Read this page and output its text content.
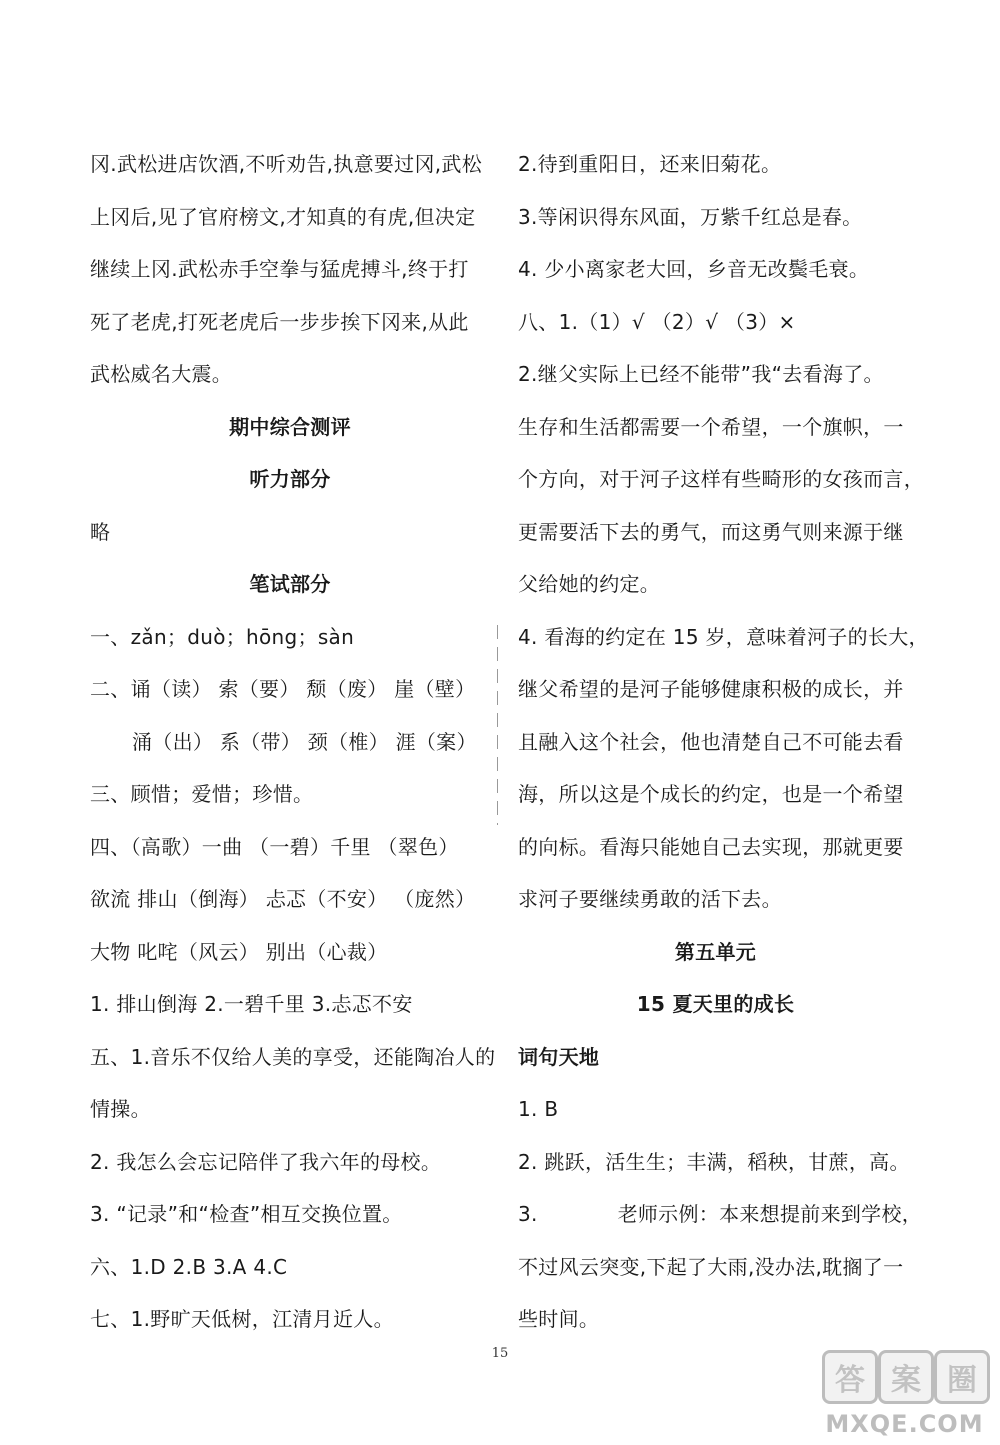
冈.武松进店饮酒,不听劝告,执意要过冈,武松
上冈后,见了官府榜文,才知真的有虎,但决定
继续上冈.武松赤手空拳与猛虎搏斗,终于打
死了老虎,打死老虎后一步步挨下冈来,从此
武松威名大震。
期中综合测评
听力部分
略
笔试部分
一、zǎn；duò；hōng；sàn
二、诵（读） 索（要） 颓（废） 崖（壁）
涌（出） 系（带） 颈（椎） 涯（案）
三、顾惜；爱惜；珍惜。
四、（高歌）一曲 （一碧）千里 （翠色）
欲流 排山（倒海） 忐忑（不安） （庞然）
大物 叱咤（风云） 别出（心裁）
1. 排山倒海 2.一碧千里 3.忐忑不安
五、1.音乐不仅给人美的享受，还能陶冶人的
情操。
2. 我怎么会忘记陪伴了我六年的母校。
3. “记录”和“检查”相互交换位置。
六、1.D 2.B 3.A 4.C
七、1.野旷天低树，江清月近人。
2.待到重阳日，还来旧菊花。
3.等闲识得东风面，万紫千红总是春。
4. 少小离家老大回，乡音无改鬓毛衰。
八、1.（1）√ （2）√ （3）×
2.继父实际上已经不能带”我“去看海了。
生存和生活都需要一个希望，一个旗帜，一
个方向，对于河子这样有些畸形的女孩而言，
更需要活下去的勇气，而这勇气则来源于继
父给她的约定。
4. 看海的约定在 15 岁，意味着河子的长大，
继父希望的是河子能够健康积极的成长，并
且融入这个社会，他也清楚自己不可能去看
海，所以这是个成长的约定，也是一个希望
的向标。看海只能她自己去实现，那就更要
求河子要继续勇敢的活下去。
第五单元
15 夏天里的成长
词句天地
1. B
2. 跳跃，活生生；丰满，稻秧，甘蔗，高。
3.            老师示例：本来想提前来到学校，
不过风云突变,下起了大雨,没办法,耽搁了一
些时间。
15
答 案 圈
MXQE.COM
